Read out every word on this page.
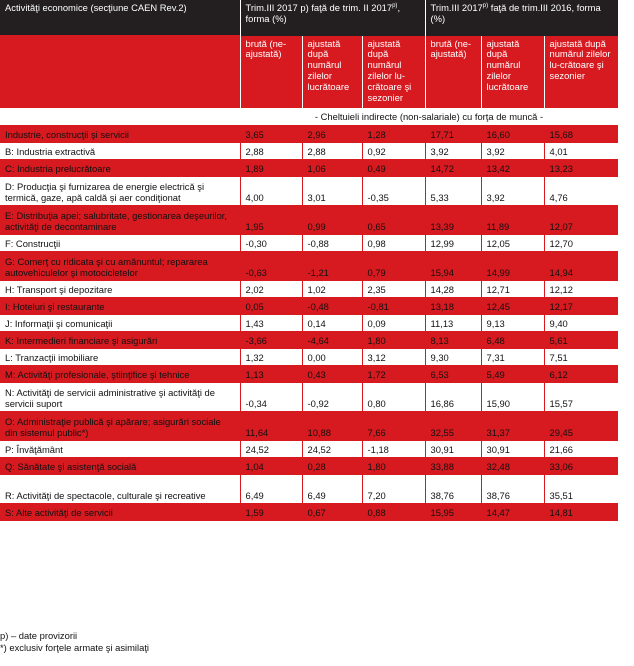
Activităţi economice (secţiune CAEN Rev.2)	Trim.III 2017 p) faţă de trim. II 2017$^{p)}$, forma (%)			Trim.III 2017$^{p)}$ faţă de trim.III 2016, forma (%)		
	brută (ne-ajustată)	ajustată după numărul zilelor lucrătoare	ajustată după numărul zilelor lu-crătoare şi sezonier	brută (ne-ajustată)	ajustată după numărul zilelor lucrătoare	ajustată după numărul zilelor lu-crătoare şi sezonier
	- Cheltuieli indirecte (non-salariale) cu forţa de muncă -					
Industrie, construcţii şi servicii	3,65	2,96	1,28	17,71	16,60	15,68
B: Industria extractivă	2,88	2,88	0,92	3,92	3,92	4,01
C: Industria prelucrătoare	1,89	1,06	0,49	14,72	13,42	13,23
D: Producţia şi furnizarea de energie electrică şi termică, gaze, apă caldă şi aer condiţionat	4,00	3,01	-0,35	5,33	3,92	4,76
E: Distribuţia apei; salubritate, gestionarea deşeurilor, activităţi de decontaminare	1,95	0,99	0,65	13,39	11,89	12,07
F: Construcţii	-0,30	-0,88	0,98	12,99	12,05	12,70
G: Comerţ cu ridicata şi cu amănuntul; repararea autovehiculelor şi motocicletelor	-0,63	-1,21	0,79	15,94	14,99	14,94
H: Transport şi depozitare	2,02	1,02	2,35	14,28	12,71	12,12
I: Hoteluri şi restaurante	0,05	-0,48	-0,81	13,18	12,45	12,17
J: Informaţii şi comunicaţii	1,43	0,14	0,09	11,13	9,13	9,40
K: Intermedieri financiare şi asigurări	-3,66	-4,64	1,80	8,13	6,48	5,61
L: Tranzacţii imobiliare	1,32	0,00	3,12	9,30	7,31	7,51
M: Activităţi profesionale, ştiinţifice şi tehnice	1,13	0,43	1,72	6,53	5,49	6,12
N: Activităţi de servicii administrative şi activităţi de servicii suport	-0,34	-0,92	0,80	16,86	15,90	15,57
O: Administraţie publică şi apărare; asigurări sociale din sistemul public*)	11,64	10,88	7,66	32,55	31,37	29,45
P: Învăţământ	24,52	24,52	-1,18	30,91	30,91	21,66
Q: Sănătate şi asistenţă socială	1,04	0,28	1,80	33,88	32,48	33,06
R: Activităţi de spectacole, culturale şi recreative	6,49	6,49	7,20	38,76	38,76	35,51
S: Alte activităţi de servicii	1,59	0,67	0,88	15,95	14,47	14,81
p) – date provizorii
*) exclusiv forţele armate şi asimilaţi
